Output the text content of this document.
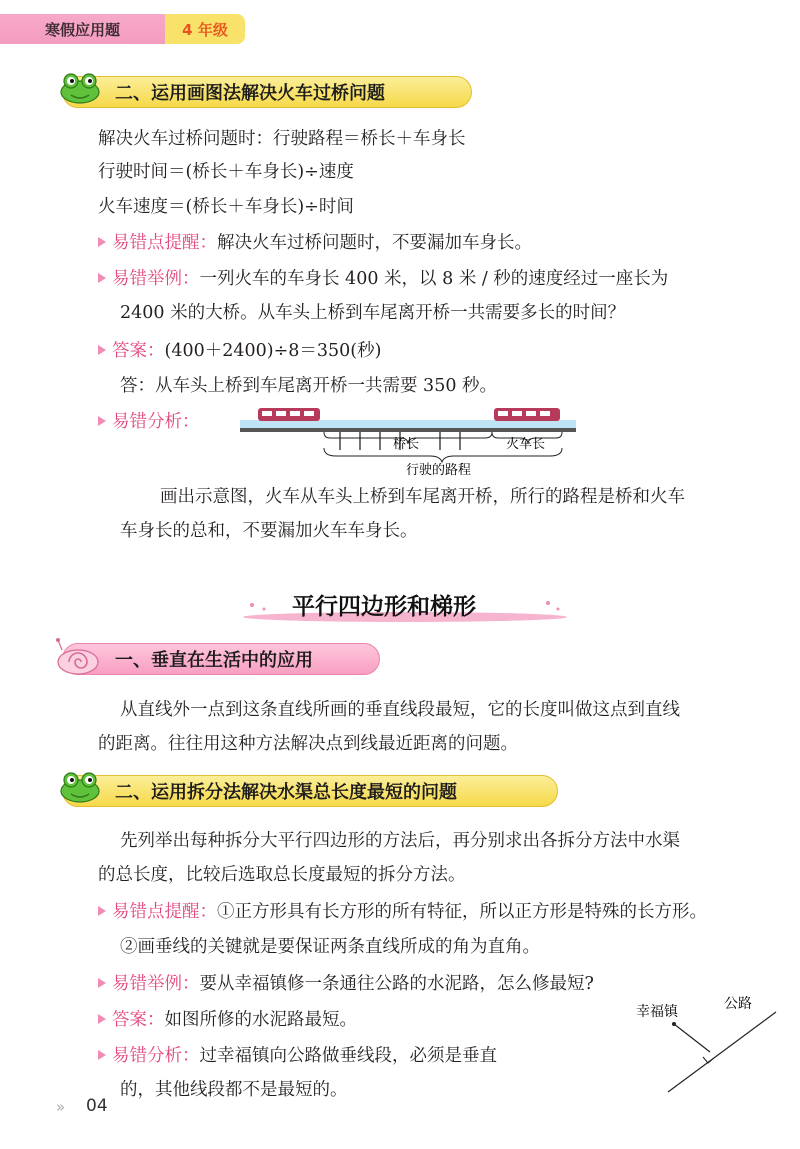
寒假应用题	4 年级
二、运用画图法解决火车过桥问题
解决火车过桥问题时：行驶路程＝桥长＋车身长
行驶时间＝(桥长＋车身长)÷速度
火车速度＝(桥长＋车身长)÷时间
易错点提醒：解决火车过桥问题时，不要漏加车身长。
易错举例：一列火车的车身长 400 米，以 8 米 / 秒的速度经过一座长为
2400 米的大桥。从车头上桥到车尾离开桥一共需要多长的时间？
答案：(400＋2400)÷8＝350(秒)
答：从车头上桥到车尾离开桥一共需要 350 秒。
易错分析：
桥长	火车长
行驶的路程
画出示意图，火车从车头上桥到车尾离开桥，所行的路程是桥和火车
车身长的总和，不要漏加火车车身长。
平行四边形和梯形
一、垂直在生活中的应用
从直线外一点到这条直线所画的垂直线段最短，它的长度叫做这点到直线
的距离。往往用这种方法解决点到线最近距离的问题。
二、运用拆分法解决水渠总长度最短的问题
先列举出每种拆分大平行四边形的方法后，再分别求出各拆分方法中水渠
的总长度，比较后选取总长度最短的拆分方法。
易错点提醒：①正方形具有长方形的所有特征，所以正方形是特殊的长方形。
②画垂线的关键就是要保证两条直线所成的角为直角。
易错举例：要从幸福镇修一条通往公路的水泥路，怎么修最短?
答案：如图所修的水泥路最短。
易错分析：过幸福镇向公路做垂线段，必须是垂直
的，其他线段都不是最短的。
幸福镇	公路
» 04
